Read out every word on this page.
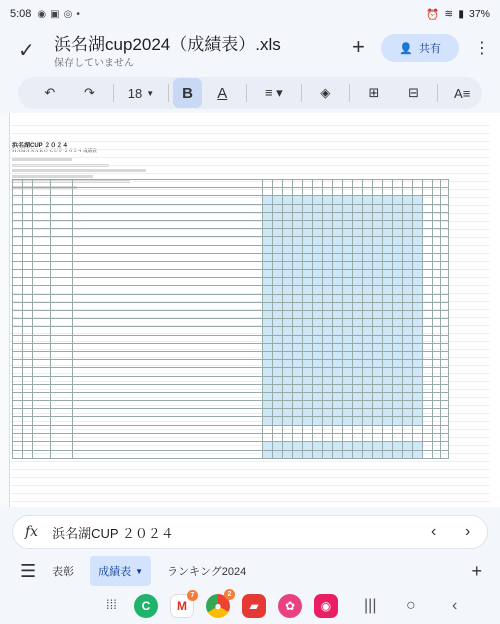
5:08 ◉ ▣ ◎ •	⏰ ≋ ▮ 37%
✓ 浜名湖cup2024（成績表）.xls
保存していません
+	👤 共有 ⋮
↶	↷	18 ▼	B	A	≡ ▾	◈	⊞	⊟	A≡
浜名湖CUP ２０２４
ＨＡＭＡＮＡＫＯ ＣＵＰ ２０２４ 成績表

fx 浜名湖CUP ２０２４	‹ ›
☰ 表彰 成績表 ▼ ランキング2024	+
⁞⁞⁞	C	M
7
●
2
▰	✿	◉	||| ○ ‹
